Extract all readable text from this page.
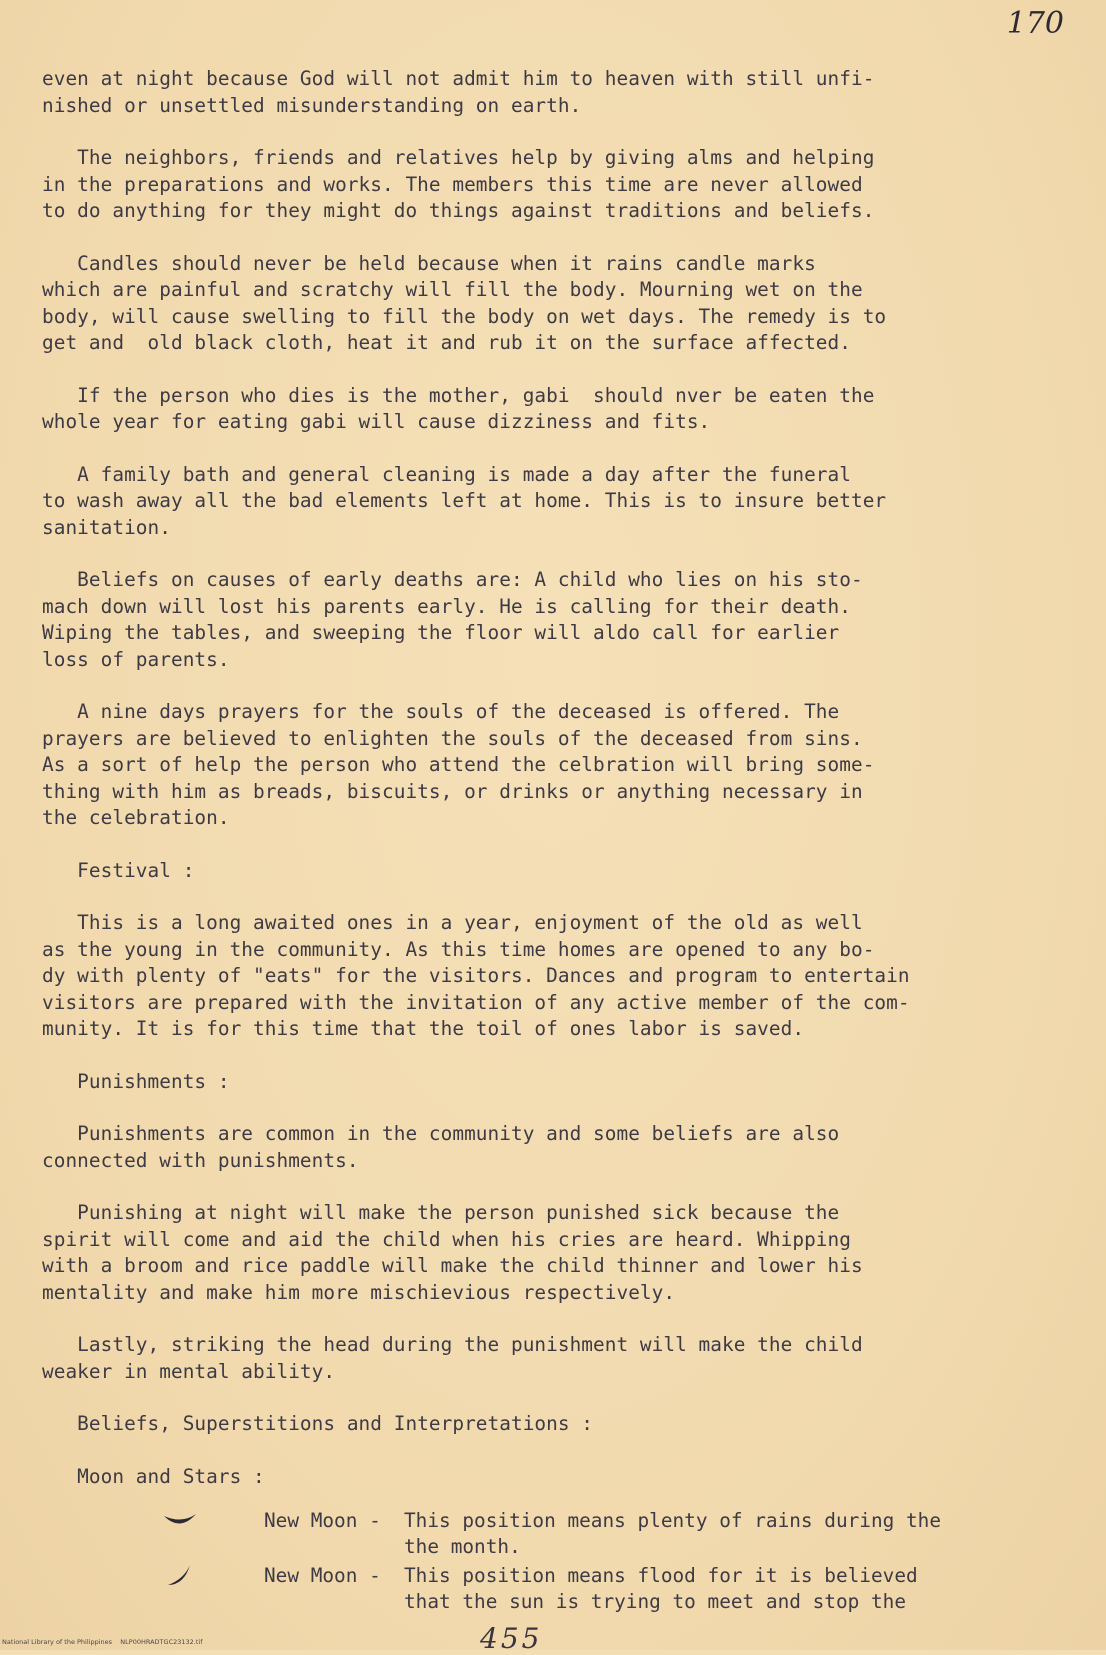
170
even at night because God will not admit him to heaven with still unfi-
nished or unsettled misunderstanding on earth.
The neighbors, friends and relatives help by giving alms and helping
in the preparations and works. The members this time are never allowed
to do anything for they might do things against traditions and beliefs.
Candles should never be held because when it rains candle marks
which are painful and scratchy will fill the body. Mourning wet on the
body, will cause swelling to fill the body on wet days. The remedy is to
get and  old black cloth, heat it and rub it on the surface affected.
If the person who dies is the mother, gabi  should nver be eaten the
whole year for eating gabi will cause dizziness and fits.
A family bath and general cleaning is made a day after the funeral
to wash away all the bad elements left at home. This is to insure better
sanitation.
Beliefs on causes of early deaths are: A child who lies on his sto-
mach down will lost his parents early. He is calling for their death.
Wiping the tables, and sweeping the floor will aldo call for earlier
loss of parents.
A nine days prayers for the souls of the deceased is offered. The
prayers are believed to enlighten the souls of the deceased from sins.
As a sort of help the person who attend the celbration will bring some-
thing with him as breads, biscuits, or drinks or anything necessary in
the celebration.
Festival :
This is a long awaited ones in a year, enjoyment of the old as well
as the young in the community. As this time homes are opened to any bo-
dy with plenty of "eats" for the visitors. Dances and program to entertain
visitors are prepared with the invitation of any active member of the com-
munity. It is for this time that the toil of ones labor is saved.
Punishments :
Punishments are common in the community and some beliefs are also
connected with punishments.
Punishing at night will make the person punished sick because the
spirit will come and aid the child when his cries are heard. Whipping
with a broom and rice paddle will make the child thinner and lower his
mentality and make him more mischievious respectively.
Lastly, striking the head during the punishment will make the child
weaker in mental ability.
Beliefs, Superstitions and Interpretations :
Moon and Stars :
New Moon - This position means plenty of rains during the
the month.
New Moon - This position means flood for it is believed
that the sun is trying to meet and stop the
455
National Library of the Philippines    NLP00HRADTGC23132.tif
